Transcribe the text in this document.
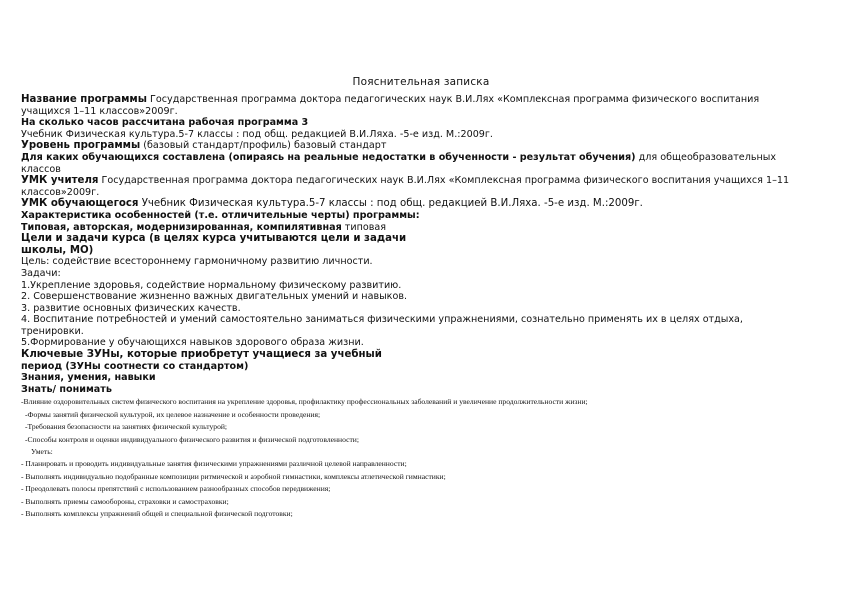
Пояснительная записка

Название программы Государственная программа доктора педагогических наук В.И.Лях «Комплексная программа физического воспитания учащихся 1–11 классов»2009г.

На сколько часов рассчитана рабочая программа 3

Учебник Физическая культура.5-7 классы : под общ. редакцией В.И.Ляха. -5-е изд. М.:2009г.

Уровень программы (базовый стандарт/профиль) базовый стандарт

Для каких обучающихся составлена (опираясь на реальные недостатки в обученности - результат обучения) для общеобразовательных классов

УМК учителя Государственная программа доктора педагогических наук В.И.Лях «Комплексная программа физического воспитания учащихся 1–11 классов»2009г.

УМК обучающегося Учебник Физическая культура.5-7 классы : под общ. редакцией В.И.Ляха. -5-е изд. М.:2009г.

Характеристика особенностей (т.е. отличительные черты) программы:

Типовая, авторская, модернизированная, компилятивная типовая

Цели и задачи курса (в целях курса учитываются цели и задачи

школы, МО)

Цель: содействие всестороннему гармоничному развитию личности.

Задачи:

1.Укрепление здоровья, содействие нормальному физическому развитию.

2. Совершенствование жизненно важных двигательных умений и навыков.

3. развитие основных физических качеств.

4. Воспитание потребностей и умений самостоятельно заниматься физическими упражнениями, сознательно применять их в целях отдыха, тренировки.

5.Формирование у обучающихся навыков здорового образа жизни.

Ключевые ЗУНы, которые приобретут учащиеся за учебный

период (ЗУНы соотнести со стандартом)

Знания, умения, навыки

Знать/ понимать

-Влияние оздоровительных систем физического воспитания на укрепление здоровья, профилактику профессиональных заболеваний и увеличение продолжительности жизни;

-Формы занятий физической культурой, их целевое назначение и особенности проведения;

-Требования безопасности на занятиях физической культурой;

-Способы контроля и оценки индивидуального физического развития и физической подготовленности;

Уметь:

- Планировать и проводить индивидуальные занятия физическими упражнениями различной целевой направленности;

- Выполнять индивидуально подобранные композиции ритмической и аэробной гимнастики, комплексы атлетической гимнастики;

- Преодолевать полосы препятствий с использованием разнообразных способов передвижения;

- Выполнять приемы самообороны, страховки и самостраховки;

- Выполнять комплексы упражнений общей и специальной физической подготовки;
